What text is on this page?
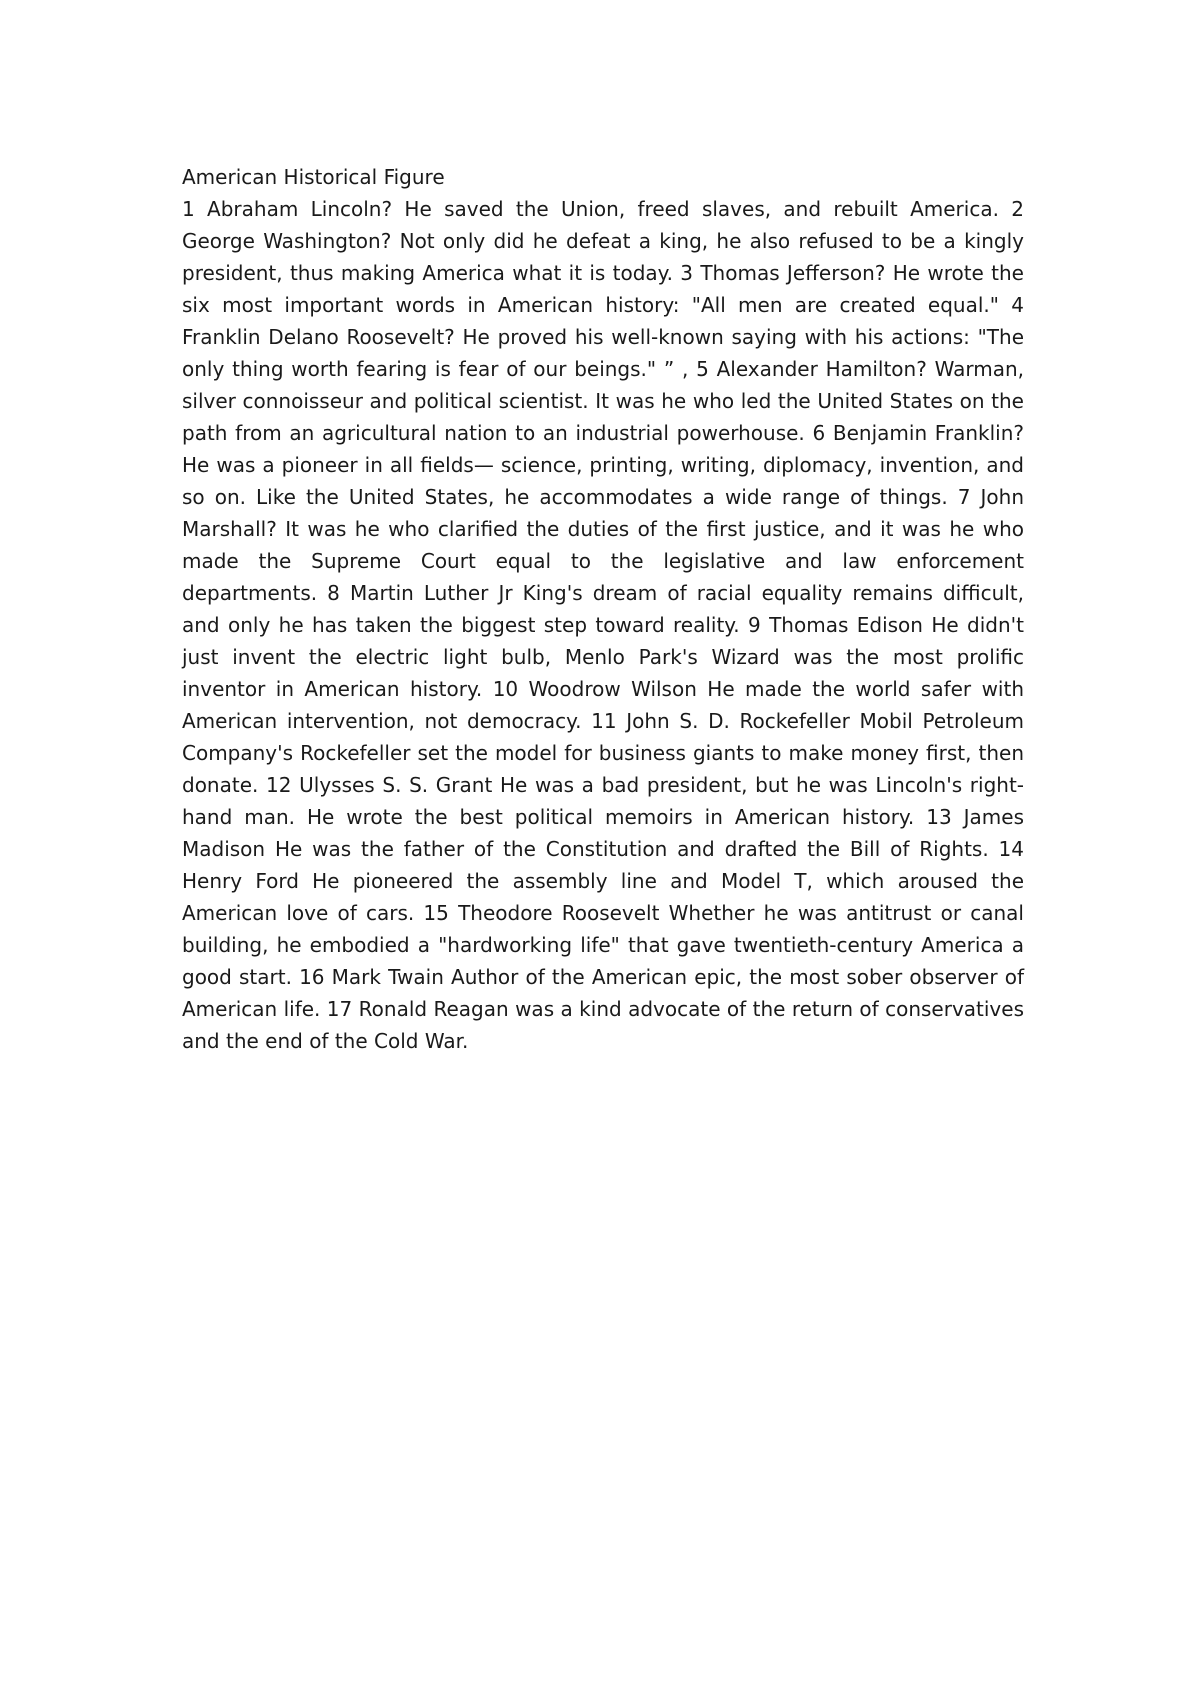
American Historical Figure

1 Abraham Lincoln? He saved the Union, freed slaves, and rebuilt America. 2 George Washington? Not only did he defeat a king, he also refused to be a kingly president, thus making America what it is today. 3 Thomas Jefferson? He wrote the six most important words in American history: "All men are created equal." 4 Franklin Delano Roosevelt? He proved his well-known saying with his actions: "The only thing worth fearing is fear of our beings." ” , 5 Alexander Hamilton? Warman, silver connoisseur and political scientist. It was he who led the United States on the path from an agricultural nation to an industrial powerhouse. 6 Benjamin Franklin? He was a pioneer in all fields— science, printing, writing, diplomacy, invention, and so on. Like the United States, he accommodates a wide range of things. 7 John Marshall? It was he who clarified the duties of the first justice, and it was he who made the Supreme Court equal to the legislative and law enforcement departments. 8 Martin Luther Jr King's dream of racial equality remains difficult, and only he has taken the biggest step toward reality. 9 Thomas Edison He didn't just invent the electric light bulb, Menlo Park's Wizard was the most prolific inventor in American history. 10 Woodrow Wilson He made the world safer with American intervention, not democracy. 11 John S. D. Rockefeller Mobil Petroleum Company's Rockefeller set the model for business giants to make money first, then donate. 12 Ulysses S. S. Grant He was a bad president, but he was Lincoln's right-hand man. He wrote the best political memoirs in American history. 13 James Madison He was the father of the Constitution and drafted the Bill of Rights. 14 Henry Ford He pioneered the assembly line and Model T, which aroused the American love of cars. 15 Theodore Roosevelt Whether he was antitrust or canal building, he embodied a "hardworking life" that gave twentieth-century America a good start. 16 Mark Twain Author of the American epic, the most sober observer of American life. 17 Ronald Reagan was a kind advocate of the return of conservatives and the end of the Cold War.
